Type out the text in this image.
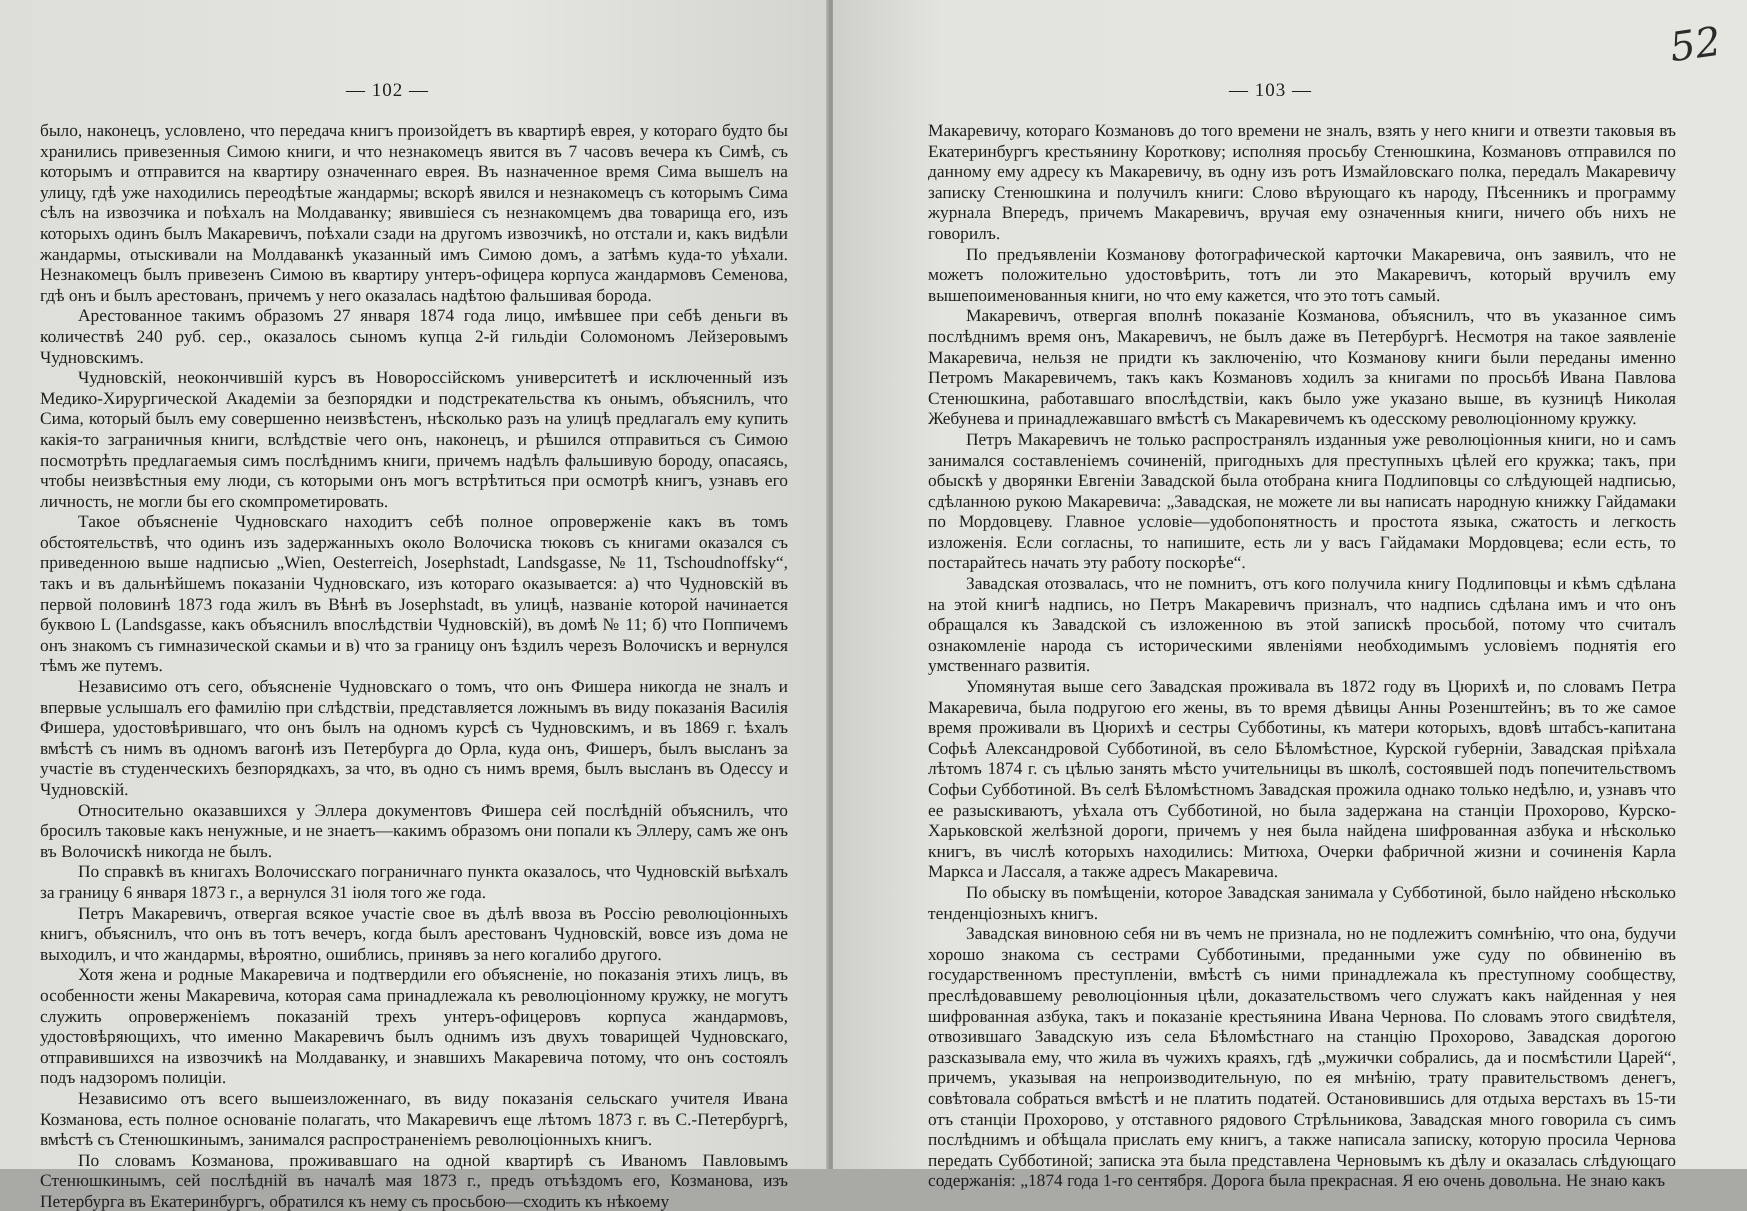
— 102 —

было, наконецъ, условлено, что передача книгъ произойдетъ въ квартирѣ еврея, у котораго будто бы хранились привезенныя Симою книги, и что незнакомецъ явится въ 7 часовъ вечера къ Симѣ, съ которымъ и отправится на квартиру означеннаго еврея. Въ назначенное время Сима вышелъ на улицу, гдѣ уже находились переодѣтые жандармы; вскорѣ явился и незнакомецъ съ которымъ Сима сѣлъ на извозчика и поѣхалъ на Молдаванку; явившiеся съ незнакомцемъ два товарища его, изъ которыхъ одинъ былъ Макаревичъ, поѣхали сзади на другомъ извозчикѣ, но отстали и, какъ видѣли жандармы, отыскивали на Молдаванкѣ указанный имъ Симою домъ, а затѣмъ куда-то уѣхали. Незнакомецъ былъ привезенъ Симою въ квартиру унтеръ-офицера корпуса жандармовъ Семенова, гдѣ онъ и былъ арестованъ, причемъ у него оказалась надѣтою фальшивая борода.

Арестованное такимъ образомъ 27 января 1874 года лицо, имѣвшее при себѣ деньги въ количествѣ 240 руб. сер., оказалось сыномъ купца 2-й гильдiи Соломономъ Лейзеровымъ Чудновскимъ.

Чудновскiй, неокончившiй курсъ въ Новороссiйскомъ университетѣ и исключенный изъ Медико-Хирургической Академiи за безпорядки и подстрекательства къ онымъ, объяснилъ, что Сима, который былъ ему совершенно неизвѣстенъ, нѣсколько разъ на улицѣ предлагалъ ему купить какiя-то заграничныя книги, вслѣдствiе чего онъ, наконецъ, и рѣшился отправиться съ Симою посмотрѣть предлагаемыя симъ послѣднимъ книги, причемъ надѣлъ фальшивую бороду, опасаясь, чтобы неизвѣстныя ему люди, съ которыми онъ могъ встрѣтиться при осмотрѣ книгъ, узнавъ его личность, не могли бы его скомпрометировать.

Такое объясненiе Чудновскаго находитъ себѣ полное опроверженiе какъ въ томъ обстоятельствѣ, что одинъ изъ задержанныхъ около Волочиска тюковъ съ книгами оказался съ приведенною выше надписью „Wien, Oesterreich, Josephstadt, Landsgasse, № 11, Tschoudnoffsky“, такъ и въ дальнѣйшемъ показанiи Чудновскаго, изъ котораго оказывается: а) что Чудновскiй въ первой половинѣ 1873 года жилъ въ Вѣнѣ въ Josephstadt, въ улицѣ, названiе которой начинается буквою L (Landsgasse, какъ объяснилъ впослѣдствiи Чудновскiй), въ домѣ № 11; б) что Поппичемъ онъ знакомъ съ гимназической скамьи и в) что за границу онъ ѣздилъ черезъ Волочискъ и вернулся тѣмъ же путемъ.

Независимо отъ сего, объясненiе Чудновскаго о томъ, что онъ Фишера никогда не зналъ и впервые услышалъ его фамилiю при слѣдствiи, представляется ложнымъ въ виду показанiя Василiя Фишера, удостовѣрившаго, что онъ былъ на одномъ курсѣ съ Чудновскимъ, и въ 1869 г. ѣхалъ вмѣстѣ съ нимъ въ одномъ вагонѣ изъ Петербурга до Орла, куда онъ, Фишеръ, былъ высланъ за участiе въ студенческихъ безпорядкахъ, за что, въ одно съ нимъ время, былъ высланъ въ Одессу и Чудновскiй.

Относительно оказавшихся у Эллера документовъ Фишера сей послѣднiй объяснилъ, что бросилъ таковые какъ ненужные, и не знаетъ—какимъ образомъ они попали къ Эллеру, самъ же онъ въ Волочискѣ никогда не былъ.

По справкѣ въ книгахъ Волочисскаго пограничнаго пункта оказалось, что Чудновскiй выѣхалъ за границу 6 января 1873 г., а вернулся 31 iюля того же года.

Петръ Макаревичъ, отвергая всякое участiе свое въ дѣлѣ ввоза въ Россiю революцiонныхъ книгъ, объяснилъ, что онъ въ тотъ вечеръ, когда былъ арестованъ Чудновскiй, вовсе изъ дома не выходилъ, и что жандармы, вѣроятно, ошиблись, принявъ за него когалибо другого.

Хотя жена и родные Макаревича и подтвердили его объясненiе, но показанiя этихъ лицъ, въ особенности жены Макаревича, которая сама принадлежала къ революцiонному кружку, не могутъ служить опроверженiемъ показанiй трехъ унтеръ-офицеровъ корпуса жандармовъ, удостовѣряющихъ, что именно Макаревичъ былъ однимъ изъ двухъ товарищей Чудновскаго, отправившихся на извозчикѣ на Молдаванку, и знавшихъ Макаревича потому, что онъ состоялъ подъ надзоромъ полицiи.

Независимо отъ всего вышеизложеннаго, въ виду показанiя сельскаго учителя Ивана Козманова, есть полное основанiе полагать, что Макаревичъ еще лѣтомъ 1873 г. въ С.-Петербургѣ, вмѣстѣ съ Стенюшкинымъ, занимался распространенiемъ революцiонныхъ книгъ.

По словамъ Козманова, проживавшаго на одной квартирѣ съ Иваномъ Павловымъ Стенюшкинымъ, сей послѣднiй въ началѣ мая 1873 г., предъ отъѣздомъ его, Козманова, изъ Петербурга въ Екатеринбургъ, обратился къ нему съ просьбою—сходить къ нѣкоему

— 103 —
52

Макаревичу, котораго Козмановъ до того времени не зналъ, взять у него книги и отвезти таковыя въ Екатеринбургъ крестьянину Короткову; исполняя просьбу Стенюшкина, Козмановъ отправился по данному ему адресу къ Макаревичу, въ одну изъ ротъ Измайловскаго полка, передалъ Макаревичу записку Стенюшкина и получилъ книги: Слово вѣрующаго къ народу, Пѣсенникъ и программу журнала Впередъ, причемъ Макаревичъ, вручая ему означенныя книги, ничего объ нихъ не говорилъ.

По предъявленiи Козманову фотографической карточки Макаревича, онъ заявилъ, что не можетъ положительно удостовѣрить, тотъ ли это Макаревичъ, который вручилъ ему вышепоименованныя книги, но что ему кажется, что это тотъ самый.

Макаревичъ, отвергая вполнѣ показанiе Козманова, объяснилъ, что въ указанное симъ послѣднимъ время онъ, Макаревичъ, не былъ даже въ Петербургѣ. Несмотря на такое заявленiе Макаревича, нельзя не придти къ заключенiю, что Козманову книги были переданы именно Петромъ Макаревичемъ, такъ какъ Козмановъ ходилъ за книгами по просьбѣ Ивана Павлова Стенюшкина, работавшаго впослѣдствiи, какъ было уже указано выше, въ кузницѣ Николая Жебунева и принадлежавшаго вмѣстѣ съ Макаревичемъ къ одесскому революцiонному кружку.

Петръ Макаревичъ не только распространялъ изданныя уже революцiонныя книги, но и самъ занимался составленiемъ сочиненiй, пригодныхъ для преступныхъ цѣлей его кружка; такъ, при обыскѣ у дворянки Евгенiи Завадской была отобрана книга Подлиповцы со слѣдующей надписью, сдѣланною рукою Макаревича: „Завадская, не можете ли вы написать народную книжку Гайдамаки по Мордовцеву. Главное условiе—удобопонятность и простота языка, сжатость и легкость изложенiя. Если согласны, то напишите, есть ли у васъ Гайдамаки Мордовцева; если есть, то постарайтесь начать эту работу поскорѣе“.

Завадская отозвалась, что не помнитъ, отъ кого получила книгу Подлиповцы и кѣмъ сдѣлана на этой книгѣ надпись, но Петръ Макаревичъ призналъ, что надпись сдѣлана имъ и что онъ обращался къ Завадской съ изложенною въ этой запискѣ просьбой, потому что считалъ ознакомленiе народа съ историческими явленiями необходимымъ условiемъ поднятiя его умственнаго развитiя.

Упомянутая выше сего Завадская проживала въ 1872 году въ Цюрихѣ и, по словамъ Петра Макаревича, была подругою его жены, въ то время дѣвицы Анны Розенштейнъ; въ то же самое время проживали въ Цюрихѣ и сестры Субботины, къ матери которыхъ, вдовѣ штабсъ-капитана Софьѣ Александровой Субботиной, въ село Бѣломѣстное, Курской губернiи, Завадская прiѣхала лѣтомъ 1874 г. съ цѣлью занять мѣсто учительницы въ школѣ, состоявшей подъ попечительствомъ Софьи Субботиной. Въ селѣ Бѣломѣстномъ Завадская прожила однако только недѣлю, и, узнавъ что ее разыскиваютъ, уѣхала отъ Субботиной, но была задержана на станцiи Прохорово, Курско-Харьковской желѣзной дороги, причемъ у нея была найдена шифрованная азбука и нѣсколько книгъ, въ числѣ которыхъ находились: Митюха, Очерки фабричной жизни и сочиненiя Карла Маркса и Лассаля, а также адресъ Макаревича.

По обыску въ помѣщенiи, которое Завадская занимала у Субботиной, было найдено нѣсколько тенденцiозныхъ книгъ.

Завадская виновною себя ни въ чемъ не признала, но не подлежитъ сомнѣнiю, что она, будучи хорошо знакома съ сестрами Субботиными, преданными уже суду по обвиненiю въ государственномъ преступленiи, вмѣстѣ съ ними принадлежала къ преступному сообществу, преслѣдовавшему революцiонныя цѣли, доказательствомъ чего служатъ какъ найденная у нея шифрованная азбука, такъ и показанiе крестьянина Ивана Чернова. По словамъ этого свидѣтеля, отвозившаго Завадскую изъ села Бѣломѣстнаго на станцiю Прохорово, Завадская дорогою разсказывала ему, что жила въ чужихъ краяхъ, гдѣ „мужички собрались, да и посмѣстили Царей“, причемъ, указывая на непроизводительную, по ея мнѣнiю, трату правительствомъ денегъ, совѣтовала собраться вмѣстѣ и не платить податей. Остановившись для отдыха верстахъ въ 15-ти отъ станцiи Прохорово, у отставного рядового Стрѣльникова, Завадская много говорила съ симъ послѣднимъ и обѣщала прислать ему книгъ, а также написала записку, которую просила Чернова передать Субботиной; записка эта была представлена Черновымъ къ дѣлу и оказалась слѣдующаго содержанiя: „1874 года 1-го сентября. Дорога была прекрасная. Я ею очень довольна. Не знаю какъ
